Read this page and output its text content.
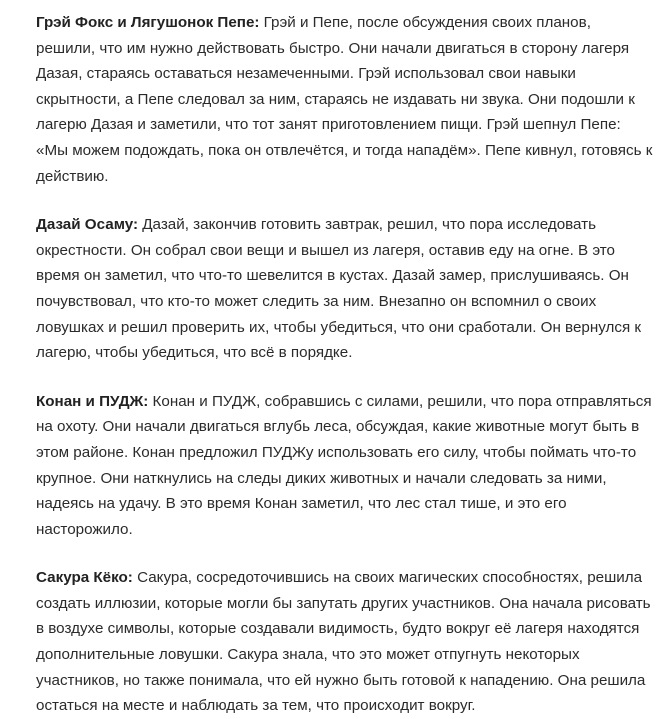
Грэй Фокс и Лягушонок Пепе: Грэй и Пепе, после обсуждения своих планов, решили, что им нужно действовать быстро. Они начали двигаться в сторону лагеря Дазая, стараясь оставаться незамеченными. Грэй использовал свои навыки скрытности, а Пепе следовал за ним, стараясь не издавать ни звука. Они подошли к лагерю Дазая и заметили, что тот занят приготовлением пищи. Грэй шепнул Пепе: «Мы можем подождать, пока он отвлечётся, и тогда нападём». Пепе кивнул, готовясь к действию.

Дазай Осаму: Дазай, закончив готовить завтрак, решил, что пора исследовать окрестности. Он собрал свои вещи и вышел из лагеря, оставив еду на огне. В это время он заметил, что что-то шевелится в кустах. Дазай замер, прислушиваясь. Он почувствовал, что кто-то может следить за ним. Внезапно он вспомнил о своих ловушках и решил проверить их, чтобы убедиться, что они сработали. Он вернулся к лагерю, чтобы убедиться, что всё в порядке.

Конан и ПУДЖ: Конан и ПУДЖ, собравшись с силами, решили, что пора отправляться на охоту. Они начали двигаться вглубь леса, обсуждая, какие животные могут быть в этом районе. Конан предложил ПУДЖу использовать его силу, чтобы поймать что-то крупное. Они наткнулись на следы диких животных и начали следовать за ними, надеясь на удачу. В это время Конан заметил, что лес стал тише, и это его насторожило.

Сакура Кёко: Сакура, сосредоточившись на своих магических способностях, решила создать иллюзии, которые могли бы запутать других участников. Она начала рисовать в воздухе символы, которые создавали видимость, будто вокруг её лагеря находятся дополнительные ловушки. Сакура знала, что это может отпугнуть некоторых участников, но также понимала, что ей нужно быть готовой к нападению. Она решила остаться на месте и наблюдать за тем, что происходит вокруг.
